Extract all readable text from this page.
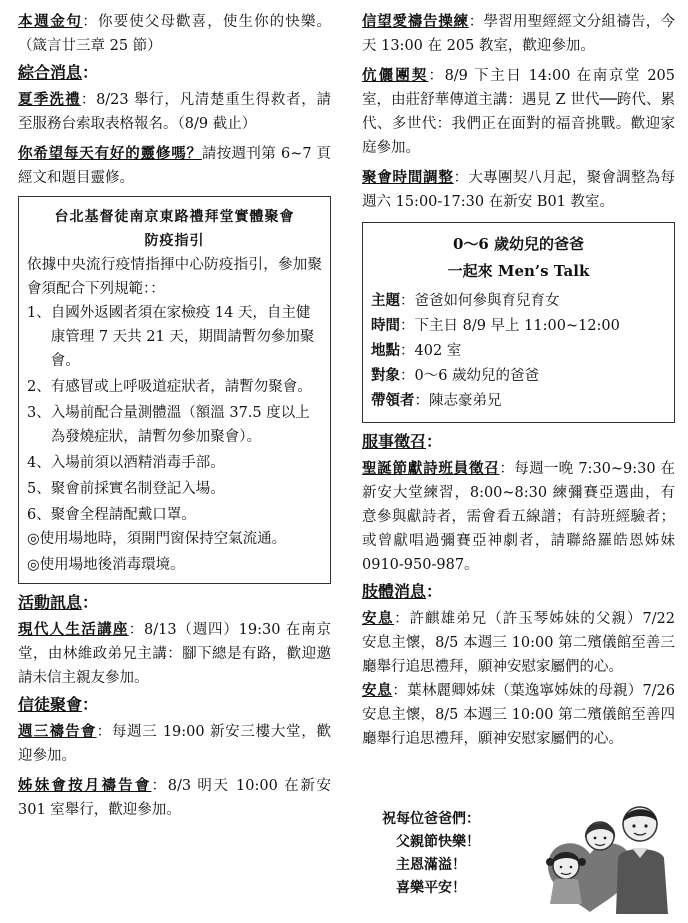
本週金句：你要使父母歡喜，使生你的快樂。（箴言廿三章 25 節）

綜合消息：

夏季洗禮：8/23 舉行，凡清楚重生得救者，請至服務台索取表格報名。（8/9 截止）

你希望每天有好的靈修嗎？請按週刊第 6~7 頁經文和題目靈修。

台北基督徒南京東路禮拜堂實體聚會
防疫指引

依據中央流行疫情指揮中心防疫指引，參加聚會須配合下列規範：：

1、 自國外返國者須在家檢疫 14 天，自主健康管理 7 天共 21 天，期間請暫勿參加聚會。
2、 有感冒或上呼吸道症狀者，請暫勿聚會。
3、 入場前配合量測體溫（額溫 37.5 度以上為發燒症狀，請暫勿參加聚會）。
4、 入場前須以酒精消毒手部。
5、 聚會前採實名制登記入場。
6、 聚會全程請配戴口罩。

◎使用場地時，須開門窗保持空氣流通。

◎使用場地後消毒環境。

活動訊息：

現代人生活講座：8/13（週四）19:30 在南京堂，由林維政弟兄主講：腳下總是有路，歡迎邀請未信主親友參加。

信徒聚會：

週三禱告會：每週三 19:00 新安三樓大堂，歡迎參加。

姊妹會按月禱告會：8/3 明天 10:00 在新安 301 室舉行，歡迎參加。

信望愛禱告操練：學習用聖經經文分組禱告，今天 13:00 在 205 教室，歡迎參加。

伉儷團契：8/9 下主日 14:00 在南京堂 205 室，由莊舒華傳道主講：遇見 Z 世代──跨代、累代、多世代：我們正在面對的福音挑戰。歡迎家庭參加。

聚會時間調整：大專團契八月起，聚會調整為每週六 15:00-17:30 在新安 B01 教室。

0～6 歲幼兒的爸爸
一起來 Men’s Talk
主題 ：爸爸如何參與育兒育女
時間 ：下主日 8/9 早上 11:00~12:00
地點 ：402 室
對象 ：0～6 歲幼兒的爸爸
帶領者 ：陳志豪弟兄
服事徵召：

聖誕節獻詩班員徵召：每週一晚 7:30~9:30 在新安大堂練習，8:00~8:30 練彌賽亞選曲，有意參與獻詩者，需會看五線譜；有詩班經驗者；或曾獻唱過彌賽亞神劇者，請聯絡羅皓恩姊妹 0910-950-987。

肢體消息：

安息：許麒雄弟兄（許玉琴姊妹的父親）7/22 安息主懷，8/5 本週三 10:00 第二殯儀館至善三廳舉行追思禮拜，願神安慰家屬們的心。

安息：葉林麗卿姊妹（葉逸寧姊妹的母親）7/26 安息主懷，8/5 本週三 10:00 第二殯儀館至善四廳舉行追思禮拜，願神安慰家屬們的心。

祝每位爸爸們：
父親節快樂！
主恩滿溢！
喜樂平安！
